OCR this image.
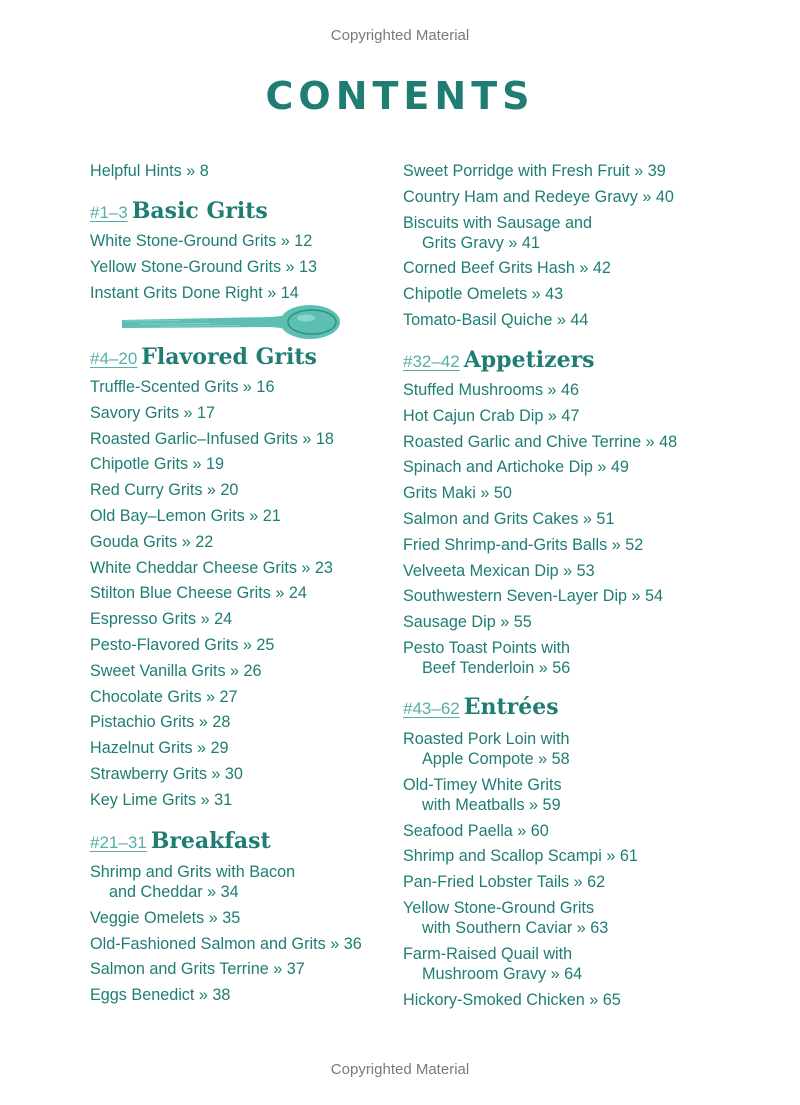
Copyrighted Material
CONTENTS
Helpful Hints » 8
#1–3 Basic Grits
White Stone-Ground Grits » 12
Yellow Stone-Ground Grits » 13
Instant Grits Done Right » 14
#4–20 Flavored Grits
Truffle-Scented Grits » 16
Savory Grits » 17
Roasted Garlic–Infused Grits » 18
Chipotle Grits » 19
Red Curry Grits » 20
Old Bay–Lemon Grits » 21
Gouda Grits » 22
White Cheddar Cheese Grits » 23
Stilton Blue Cheese Grits » 24
Espresso Grits » 24
Pesto-Flavored Grits » 25
Sweet Vanilla Grits » 26
Chocolate Grits » 27
Pistachio Grits » 28
Hazelnut Grits » 29
Strawberry Grits » 30
Key Lime Grits » 31
#21–31 Breakfast
Shrimp and Grits with Bacon
and Cheddar » 34
Veggie Omelets » 35
Old-Fashioned Salmon and Grits » 36
Salmon and Grits Terrine » 37
Eggs Benedict » 38
Sweet Porridge with Fresh Fruit » 39
Country Ham and Redeye Gravy » 40
Biscuits with Sausage and
Grits Gravy » 41
Corned Beef Grits Hash » 42
Chipotle Omelets » 43
Tomato-Basil Quiche » 44
#32–42 Appetizers
Stuffed Mushrooms » 46
Hot Cajun Crab Dip » 47
Roasted Garlic and Chive Terrine » 48
Spinach and Artichoke Dip » 49
Grits Maki » 50
Salmon and Grits Cakes » 51
Fried Shrimp-and-Grits Balls » 52
Velveeta Mexican Dip » 53
Southwestern Seven-Layer Dip » 54
Sausage Dip » 55
Pesto Toast Points with
Beef Tenderloin » 56
#43–62 Entrées
Roasted Pork Loin with
Apple Compote » 58
Old-Timey White Grits
with Meatballs » 59
Seafood Paella » 60
Shrimp and Scallop Scampi » 61
Pan-Fried Lobster Tails » 62
Yellow Stone-Ground Grits
with Southern Caviar » 63
Farm-Raised Quail with
Mushroom Gravy » 64
Hickory-Smoked Chicken » 65
Copyrighted Material
